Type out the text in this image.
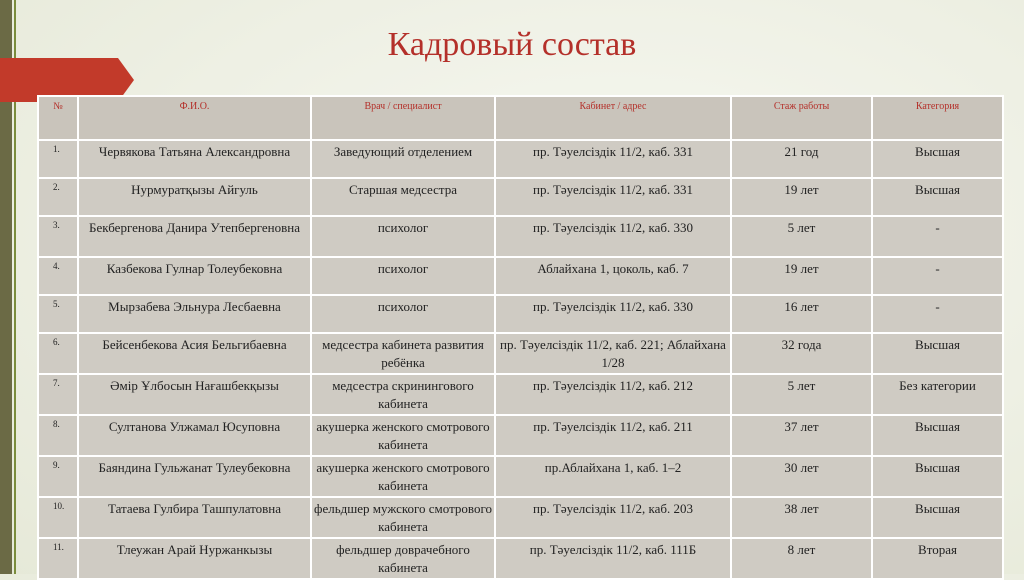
Кадровый состав
№	Ф.И.О.	Врач / специалист	Кабинет / адрес	Стаж работы	Категория
1.	Червякова Татьяна Александровна	Заведующий отделением	пр. Тәуелсіздік 11/2, каб. 331	21 год	Высшая
2.	Нурмуратқызы Айгуль	Старшая медсестра	пр. Тәуелсіздік 11/2, каб. 331	19 лет	Высшая
3.	Бекбергенова Данира Утепбергеновна	психолог	пр. Тәуелсіздік 11/2, каб. 330	5 лет	-
4.	Казбекова Гулнар Толеубековна	психолог	Аблайхана 1, цоколь, каб. 7	19 лет	-
5.	Мырзабева Эльнура Лесбаевна	психолог	пр. Тәуелсіздік 11/2, каб. 330	16 лет	-
6.	Бейсенбекова Асия Бельгибаевна	медсестра кабинета развития ребёнка	пр. Тәуелсіздік 11/2, каб. 221; Аблайхана 1/28	32 года	Высшая
7.	Әмір Ұлбосын Нағашбекқызы	медсестра скринингового кабинета	пр. Тәуелсіздік 11/2, каб. 212	5 лет	Без категории
8.	Султанова Улжамал Юсуповна	акушерка женского смотрового кабинета	пр. Тәуелсіздік 11/2, каб. 211	37 лет	Высшая
9.	Баяндина Гульжанат Тулеубековна	акушерка женского смотрового кабинета	пр.Аблайхана 1, каб. 1–2	30 лет	Высшая
10.	Татаева Гулбира Ташпулатовна	фельдшер мужского смотрового кабинета	пр. Тәуелсіздік 11/2, каб. 203	38 лет	Высшая
11.	Тлеужан Арай Нуржанкызы	фельдшер доврачебного кабинета	пр. Тәуелсіздік 11/2, каб. 111Б	8 лет	Вторая
